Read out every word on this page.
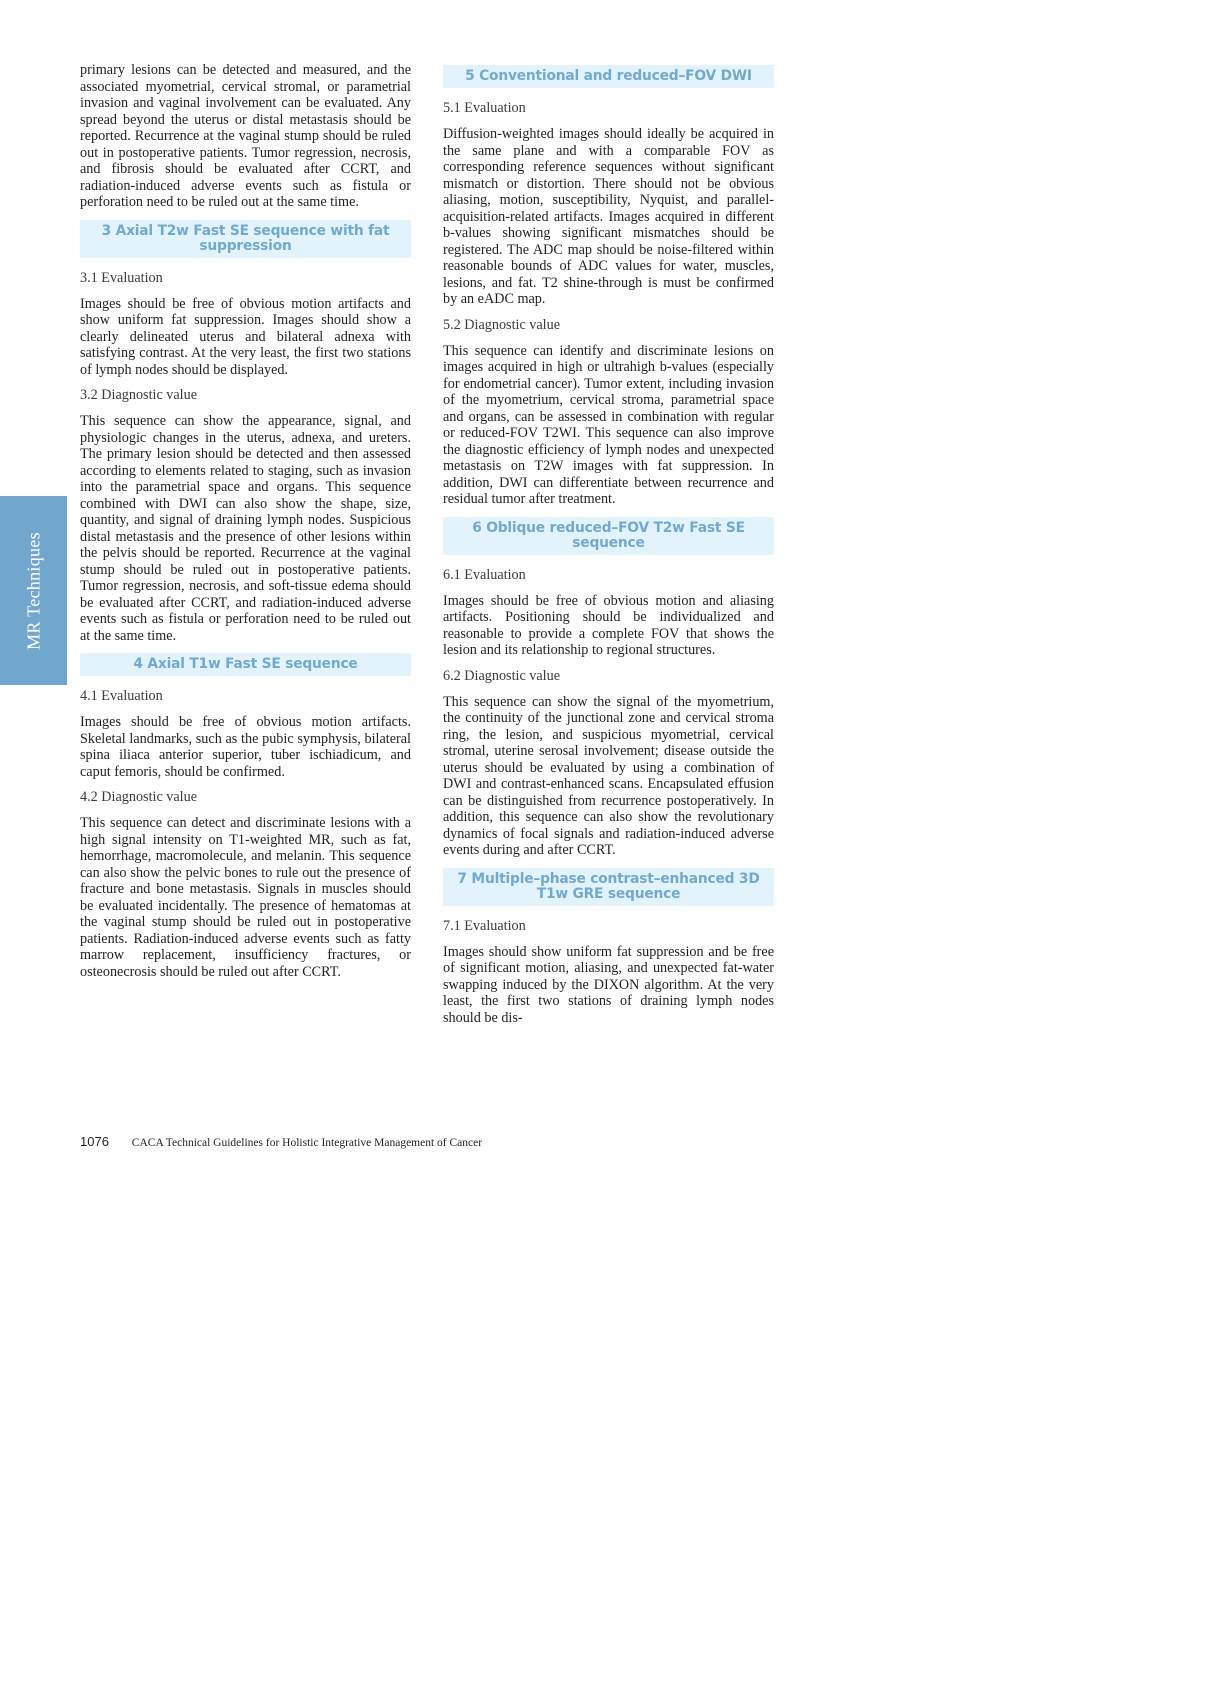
MR Techniques

primary lesions can be detected and measured, and the associated myometrial, cervical stromal, or parametrial invasion and vaginal involvement can be evaluated. Any spread beyond the uterus or distal metastasis should be reported. Recurrence at the vaginal stump should be ruled out in postoperative patients. Tumor regression, necrosis, and fibrosis should be evaluated after CCRT, and radiation-induced adverse events such as fistula or perforation need to be ruled out at the same time.

3 Axial T2w Fast SE sequence with fat suppression
3.1 Evaluation

Images should be free of obvious motion artifacts and show uniform fat suppression. Images should show a clearly delineated uterus and bilateral adnexa with satisfying contrast. At the very least, the first two stations of lymph nodes should be displayed.

3.2 Diagnostic value

This sequence can show the appearance, signal, and physiologic changes in the uterus, adnexa, and ureters. The primary lesion should be detected and then assessed according to elements related to staging, such as invasion into the parametrial space and organs. This sequence combined with DWI can also show the shape, size, quantity, and signal of draining lymph nodes. Suspicious distal metastasis and the presence of other lesions within the pelvis should be reported. Recurrence at the vaginal stump should be ruled out in postoperative patients. Tumor regression, necrosis, and soft-tissue edema should be evaluated after CCRT, and radiation-induced adverse events such as fistula or perforation need to be ruled out at the same time.

4 Axial T1w Fast SE sequence
4.1 Evaluation

Images should be free of obvious motion artifacts. Skeletal landmarks, such as the pubic symphysis, bilateral spina iliaca anterior superior, tuber ischiadicum, and caput femoris, should be confirmed.

4.2 Diagnostic value

This sequence can detect and discriminate lesions with a high signal intensity on T1-weighted MR, such as fat, hemorrhage, macromolecule, and melanin. This sequence can also show the pelvic bones to rule out the presence of fracture and bone metastasis. Signals in muscles should be evaluated incidentally. The presence of hematomas at the vaginal stump should be ruled out in postoperative patients. Radiation-induced adverse events such as fatty marrow replacement, insufficiency fractures, or osteonecrosis should be ruled out after CCRT.

5 Conventional and reduced–FOV DWI
5.1 Evaluation

Diffusion-weighted images should ideally be acquired in the same plane and with a comparable FOV as corresponding reference sequences without significant mismatch or distortion. There should not be obvious aliasing, motion, susceptibility, Nyquist, and parallel-acquisition-related artifacts. Images acquired in different b-values showing significant mismatches should be registered. The ADC map should be noise-filtered within reasonable bounds of ADC values for water, muscles, lesions, and fat. T2 shine-through is must be confirmed by an eADC map.

5.2 Diagnostic value

This sequence can identify and discriminate lesions on images acquired in high or ultrahigh b-values (especially for endometrial cancer). Tumor extent, including invasion of the myometrium, cervical stroma, parametrial space and organs, can be assessed in combination with regular or reduced-FOV T2WI. This sequence can also improve the diagnostic efficiency of lymph nodes and unexpected metastasis on T2W images with fat suppression. In addition, DWI can differentiate between recurrence and residual tumor after treatment.

6 Oblique reduced–FOV T2w Fast SE sequence
6.1 Evaluation

Images should be free of obvious motion and aliasing artifacts. Positioning should be individualized and reasonable to provide a complete FOV that shows the lesion and its relationship to regional structures.

6.2 Diagnostic value

This sequence can show the signal of the myometrium, the continuity of the junctional zone and cervical stroma ring, the lesion, and suspicious myometrial, cervical stromal, uterine serosal involvement; disease outside the uterus should be evaluated by using a combination of DWI and contrast-enhanced scans. Encapsulated effusion can be distinguished from recurrence postoperatively. In addition, this sequence can also show the revolutionary dynamics of focal signals and radiation-induced adverse events during and after CCRT.

7 Multiple–phase contrast–enhanced 3D T1w GRE sequence
7.1 Evaluation

Images should show uniform fat suppression and be free of significant motion, aliasing, and unexpected fat-water swapping induced by the DIXON algorithm. At the very least, the first two stations of draining lymph nodes should be dis-

1076 CACA Technical Guidelines for Holistic Integrative Management of Cancer
